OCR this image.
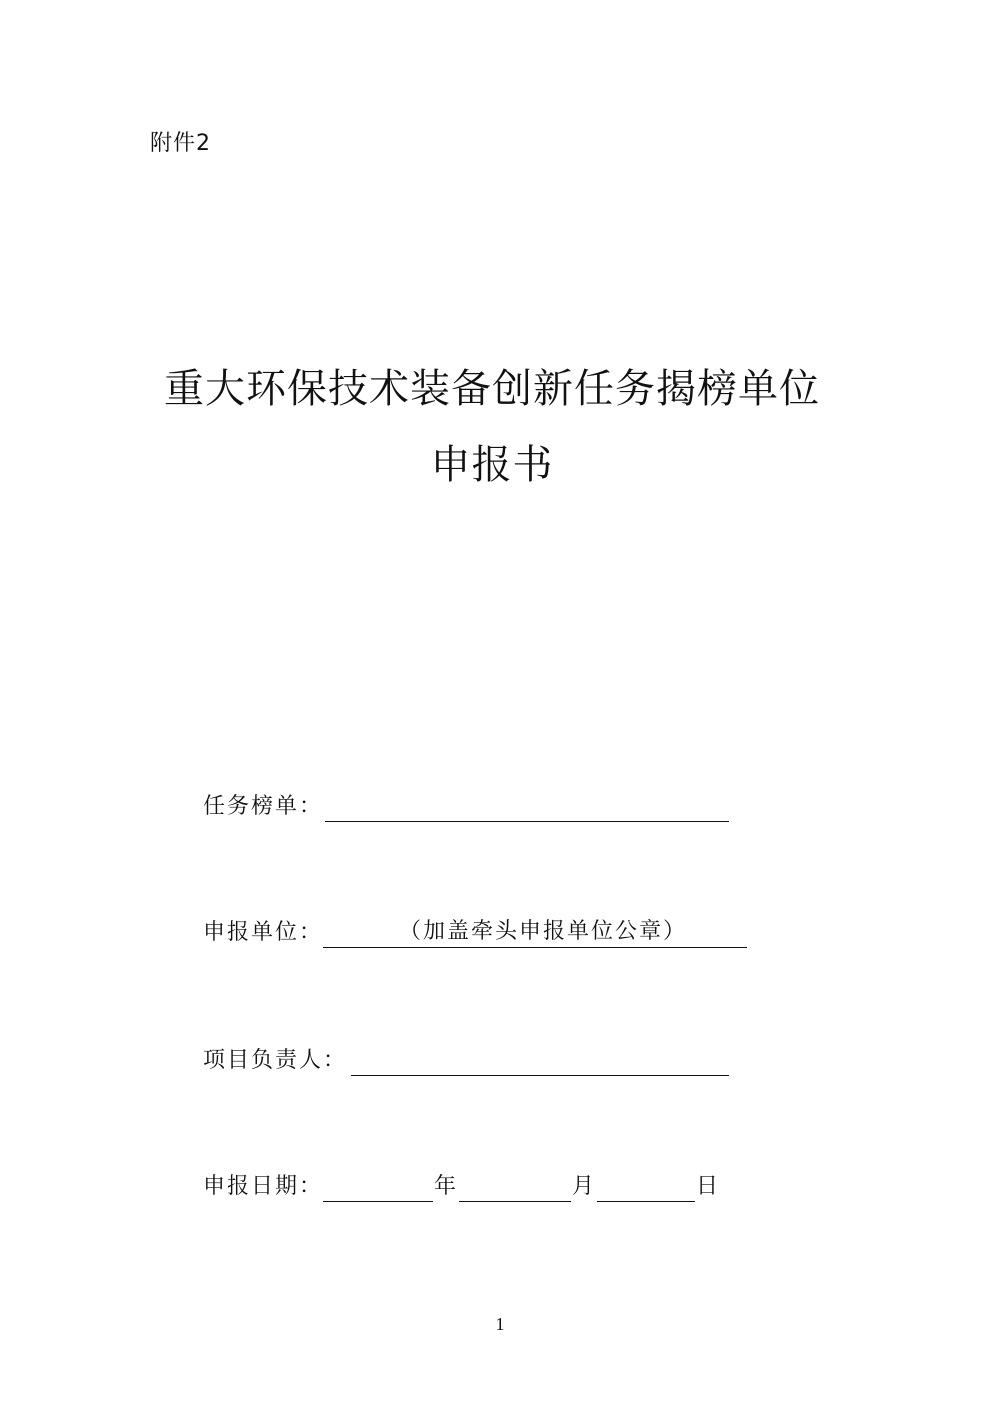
附件2
重大环保技术装备创新任务揭榜单位
申报书
任务榜单：
申报单位：	（加盖牵头申报单位公章）
项目负责人：
申报日期：	年	月	日
1
